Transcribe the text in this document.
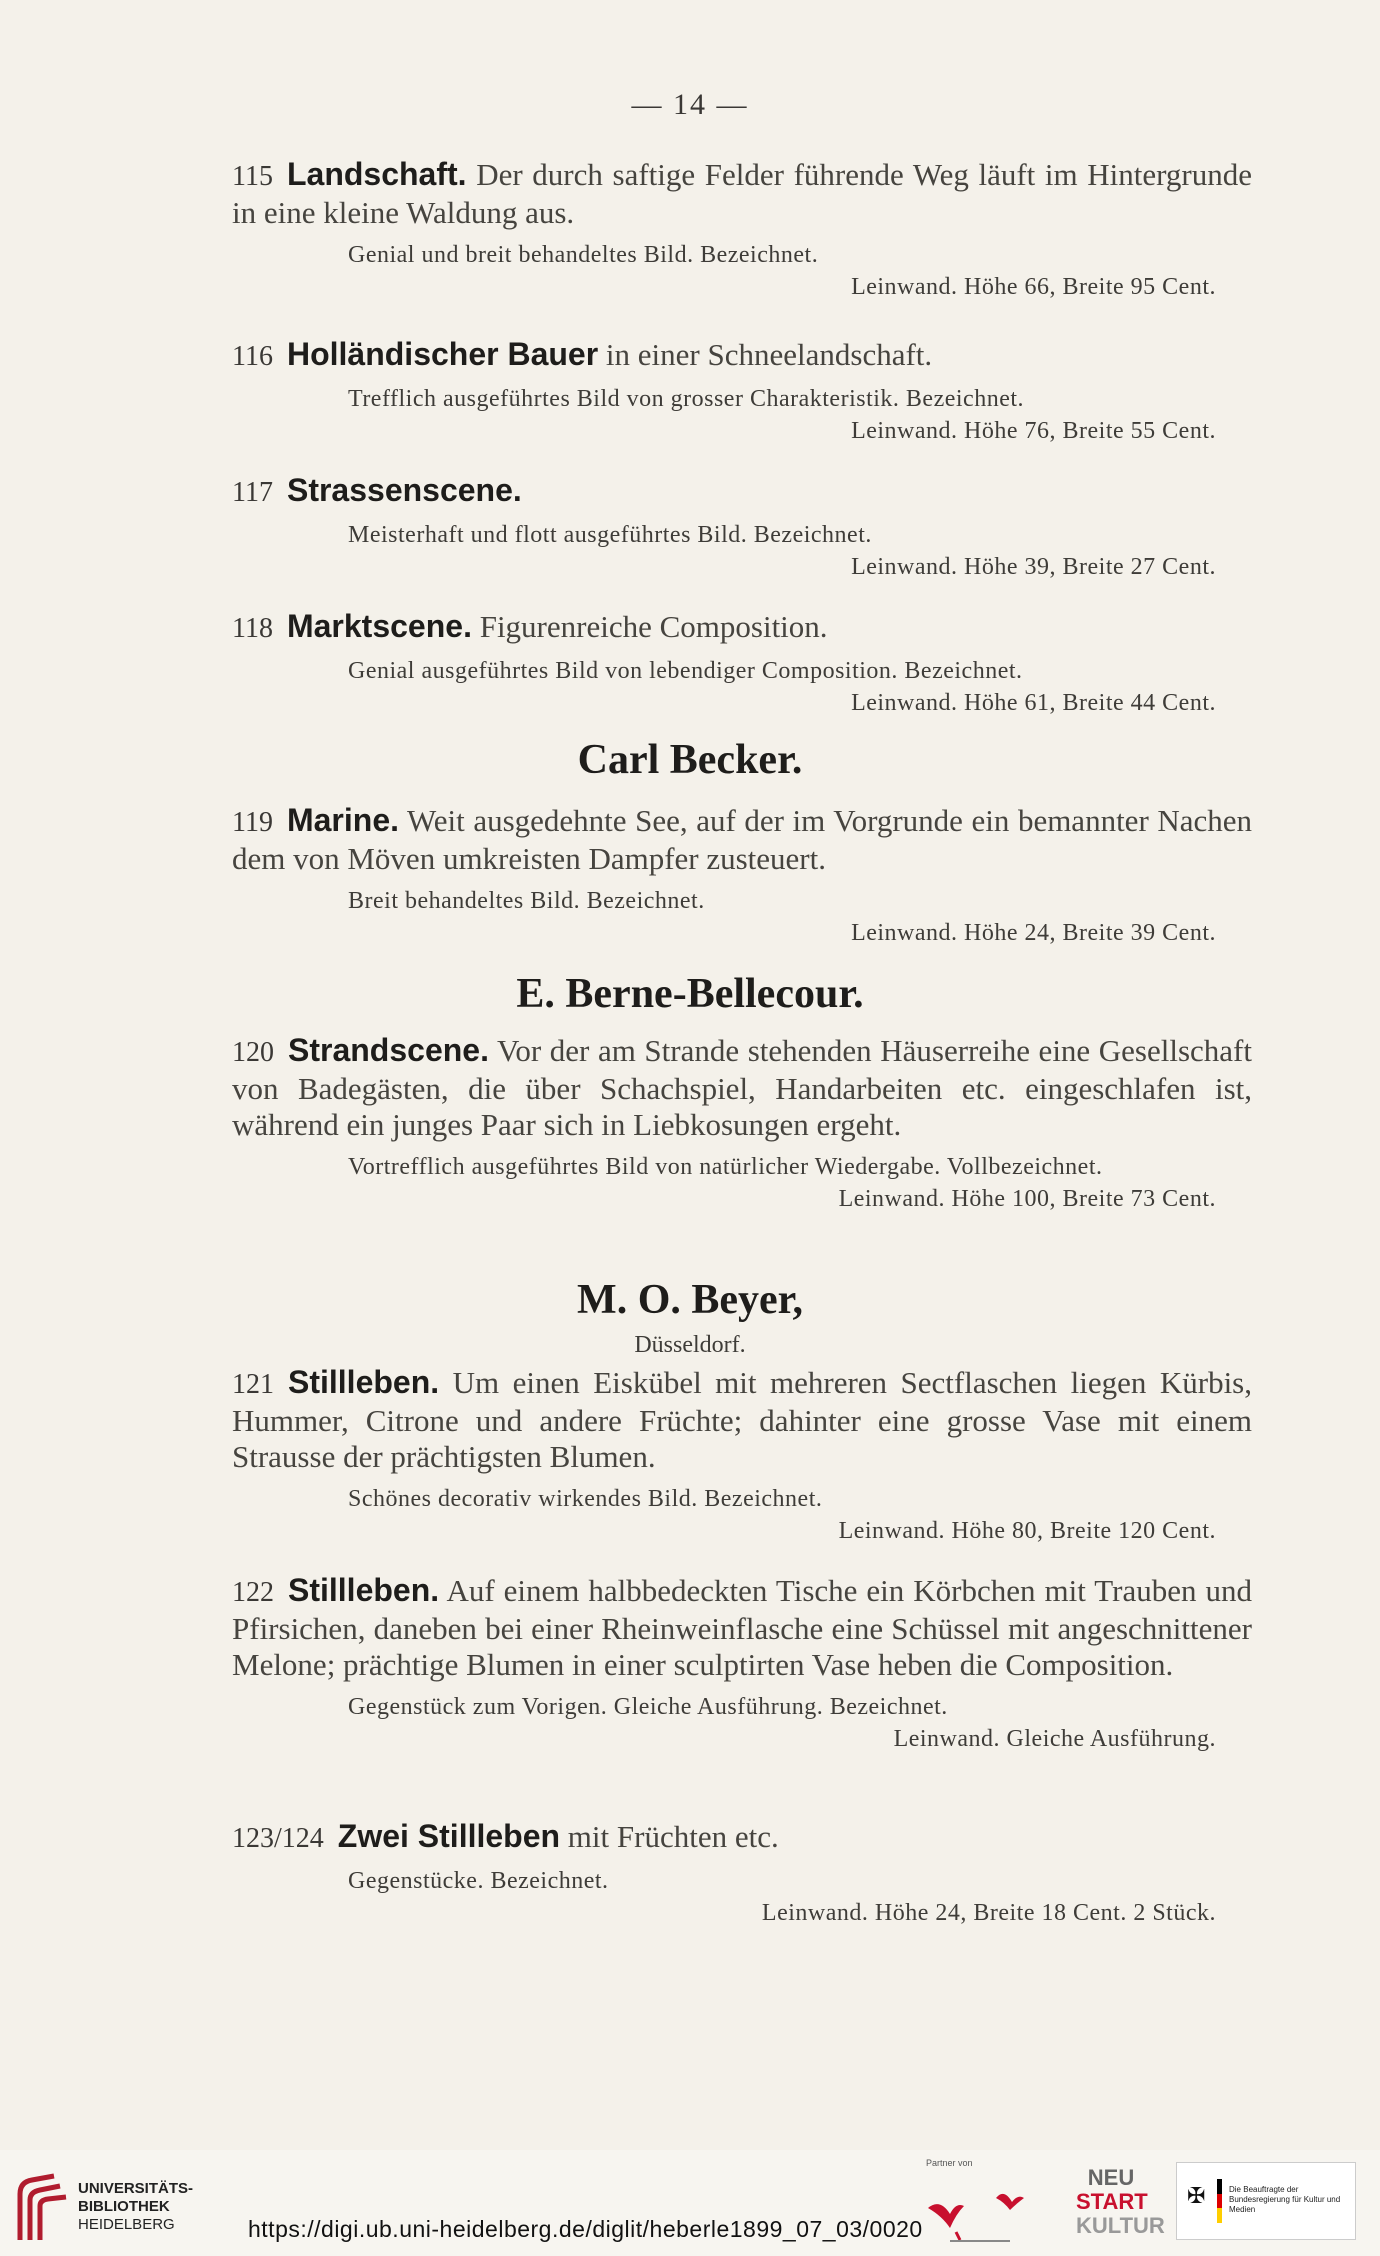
— 14 —
115 Landschaft. Der durch saftige Felder führende Weg läuft im Hintergrunde in eine kleine Waldung aus.
Genial und breit behandeltes Bild. Bezeichnet.
Leinwand. Höhe 66, Breite 95 Cent.
116 Holländischer Bauer in einer Schneelandschaft.
Trefflich ausgeführtes Bild von grosser Charakteristik. Bezeichnet.
Leinwand. Höhe 76, Breite 55 Cent.
117 Strassenscene.
Meisterhaft und flott ausgeführtes Bild. Bezeichnet.
Leinwand. Höhe 39, Breite 27 Cent.
118 Marktscene. Figurenreiche Composition.
Genial ausgeführtes Bild von lebendiger Composition. Bezeichnet.
Leinwand. Höhe 61, Breite 44 Cent.
Carl Becker.
119 Marine. Weit ausgedehnte See, auf der im Vorgrunde ein bemannter Nachen dem von Möven umkreisten Dampfer zusteuert.
Breit behandeltes Bild. Bezeichnet.
Leinwand. Höhe 24, Breite 39 Cent.
E. Berne-Bellecour.
120 Strandscene. Vor der am Strande stehenden Häuserreihe eine Gesellschaft von Badegästen, die über Schachspiel, Handarbeiten etc. eingeschlafen ist, während ein junges Paar sich in Liebkosungen ergeht.
Vortrefflich ausgeführtes Bild von natürlicher Wiedergabe. Vollbezeichnet.
Leinwand. Höhe 100, Breite 73 Cent.
M. O. Beyer,
Düsseldorf.
121 Stillleben. Um einen Eiskübel mit mehreren Sectflaschen liegen Kürbis, Hummer, Citrone und andere Früchte; dahinter eine grosse Vase mit einem Strausse der prächtigsten Blumen.
Schönes decorativ wirkendes Bild. Bezeichnet.
Leinwand. Höhe 80, Breite 120 Cent.
122 Stillleben. Auf einem halbbedeckten Tische ein Körbchen mit Trauben und Pfirsichen, daneben bei einer Rheinweinflasche eine Schüssel mit angeschnittener Melone; prächtige Blumen in einer sculptirten Vase heben die Composition.
Gegenstück zum Vorigen. Gleiche Ausführung. Bezeichnet.
Leinwand. Gleiche Ausführung.
123/124 Zwei Stillleben mit Früchten etc.
Gegenstücke. Bezeichnet.
Leinwand. Höhe 24, Breite 18 Cent. 2 Stück.
UNIVERSITÄTS-
BIBLIOTHEK
HEIDELBERG
Partner von
NEU
START
KULTUR
✠	Die Beauftragte der Bundesregierung für Kultur und Medien
https://digi.ub.uni-heidelberg.de/diglit/heberle1899_07_03/0020
